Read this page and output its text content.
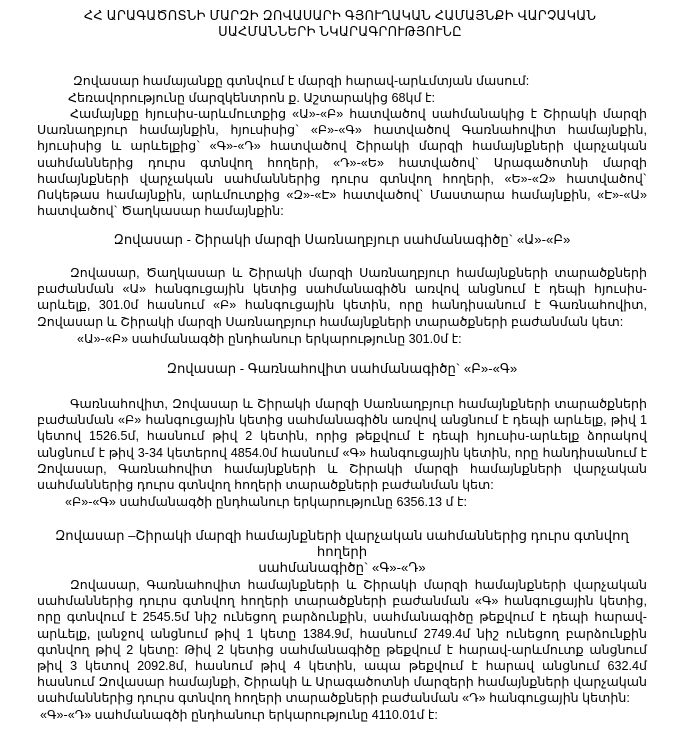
ՀՀ ԱՐԱԳԱԾՈՏՆԻ ՄԱՐԶԻ ԶՈՎԱՍԱՐԻ ԳՅՈՒՂԱԿԱՆ ՀԱՄԱՅՆՔԻ ՎԱՐՉԱԿԱՆ
ՍԱՀՄԱՆՆԵՐԻ ՆԿԱՐԱԳՐՈՒԹՅՈՒՆԸ
Զովասար համայանքը գտնվում է մարզի հարավ-արևմտյան մասում:
Հեռավորությունը մարզկենտրոն ք. Աշտարակից 68կմ է:
Համայնքը հյուսիս-արևմուտքից «Ա»-«Բ» հատվածով սահմանակից է Շիրակի մարզի Սառնաղբյուր համայնքին, հյուսիսից` «Բ»-«Գ» հատվածով Գառնահովիտ համայնքին, հյուսիսից և արևելքից` «Գ»-«Դ» հատվածով Շիրակի մարզի համայնքների վարչական սահմաններից դուրս գտնվող հողերի, «Դ»-«Ե» հատվածով` Արագածոտնի մարզի համայնքների վարչական սահմաններից դուրս գտնվող հողերի, «Ե»-«Զ» հատվածով` Ոսկեթաս համայնքին, արևմուտքից «Զ»-«Է» հատվածով` Մաստարա համայնքին, «Է»-«Ա» հատվածով` Ծաղկասար համայնքին:
Զովասար - Շիրակի մարզի Սառնաղբյուր սահմանագիծը` «Ա»-«Բ»
Զովասար, Ծաղկասար և Շիրակի մարզի Սառնաղբյուր համայնքների տարածքների բաժանման «Ա» հանգուցային կետից սահմանագիծն առվով անցնում է դեպի հյուսիս-արևելք, 301.0մ հասնում «Բ» հանգուցային կետին, որը հանդիսանում է Գառնահովիտ, Զովասար և Շիրակի մարզի Սառնաղբյուր համայնքների տարածքների բաժանման կետ:
«Ա»-«Բ» սահմանագծի ընդհանուր երկարությունը 301.0մ է:
Զովասար - Գառնահովիտ սահմանագիծը` «Բ»-«Գ»
Գառնահովիտ, Զովասար և Շիրակի մարզի Սառնաղբյուր համայնքների տարածքների բաժանման «Բ» հանգուցային կետից սահմանագիծն առվով անցնում է դեպի արևելք, թիվ 1 կետով 1526.5մ, հասնում թիվ 2 կետին, որից թեքվում է դեպի հյուսիս-արևելք ձորակով անցնում է թիվ 3-34 կետերով 4854.0մ հասնում «Գ» հանգուցային կետին, որը հանդիսանում է Զովասար, Գառնահովիտ համայնքների և Շիրակի մարզի համայնքների վարչական սահմաններից դուրս գտնվող հողերի տարածքների բաժանման կետ:
«Բ»-«Գ» սահմանագծի ընդհանուր երկարությունը 6356.13 մ է:
Զովասար –Շիրակի մարզի համայնքների վարչական սահմաններից դուրս գտնվող հողերի
սահմանագիծը` «Գ»-«Դ»
Զովասար, Գառնահովիտ համայնքների և Շիրակի մարզի համայնքների վարչական սահմաններից դուրս գտնվող հողերի տարածքների բաժանման «Գ» հանգուցային կետից, որը գտնվում է 2545.5մ նիշ ունեցող բարձունքին, սահմանագիծը թեքվում է դեպի հարավ-արևելք, լանջով անցնում թիվ 1 կետը 1384.9մ, հասնում 2749.4մ նիշ ունեցող բարձունքին գտնվող թիվ 2 կետը: Թիվ 2 կետից սահմանագիծը թեքվում է հարավ-արևմուտք անցնում թիվ 3 կետով 2092.8մ, հասնում թիվ 4 կետին, ապա թեքվում է հարավ անցնում 632.4մ հասնում Զովասար համայնքի, Շիրակի և Արագածոտնի մարզերի համայնքների վարչական սահմաններից դուրս գտնվող հողերի տարածքների բաժանման «Դ» հանգուցային կետին:
«Գ»-«Դ» սահմանագծի ընդհանուր երկարությունը 4110.01մ է:
